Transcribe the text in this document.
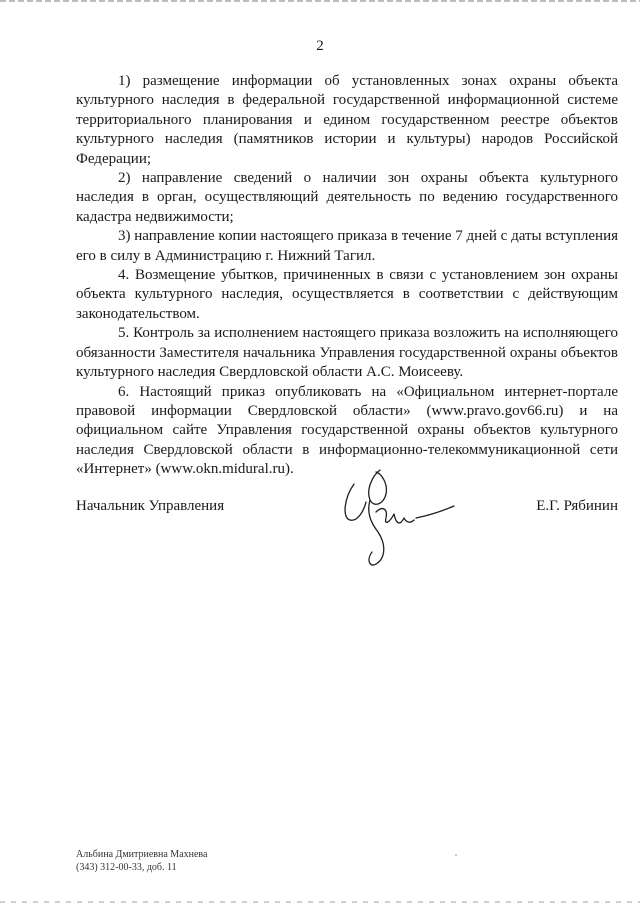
2

1) размещение информации об установленных зонах охраны объекта культурного наследия в федеральной государственной информационной системе территориального планирования и едином государственном реестре объектов культурного наследия (памятников истории и культуры) народов Российской Федерации;

2) направление сведений о наличии зон охраны объекта культурного наследия в орган, осуществляющий деятельность по ведению государственного кадастра недвижимости;

3) направление копии настоящего приказа в течение 7 дней с даты вступления его в силу в Администрацию г. Нижний Тагил.

4. Возмещение убытков, причиненных в связи с установлением зон охраны объекта культурного наследия, осуществляется в соответствии с действующим законодательством.

5. Контроль за исполнением настоящего приказа возложить на исполняющего обязанности Заместителя начальника Управления государственной охраны объектов культурного наследия Свердловской области А.С. Моисееву.

6. Настоящий приказ опубликовать на «Официальном интернет-портале правовой информации Свердловской области» (www.pravo.gov66.ru) и на официальном сайте Управления государственной охраны объектов культурного наследия Свердловской области в информационно-телекоммуникационной сети «Интернет» (www.okn.midural.ru).

Начальник Управления	Е.Г. Рябинин
Альбина Дмитриевна Махнева
(343) 312-00-33, доб. 11
